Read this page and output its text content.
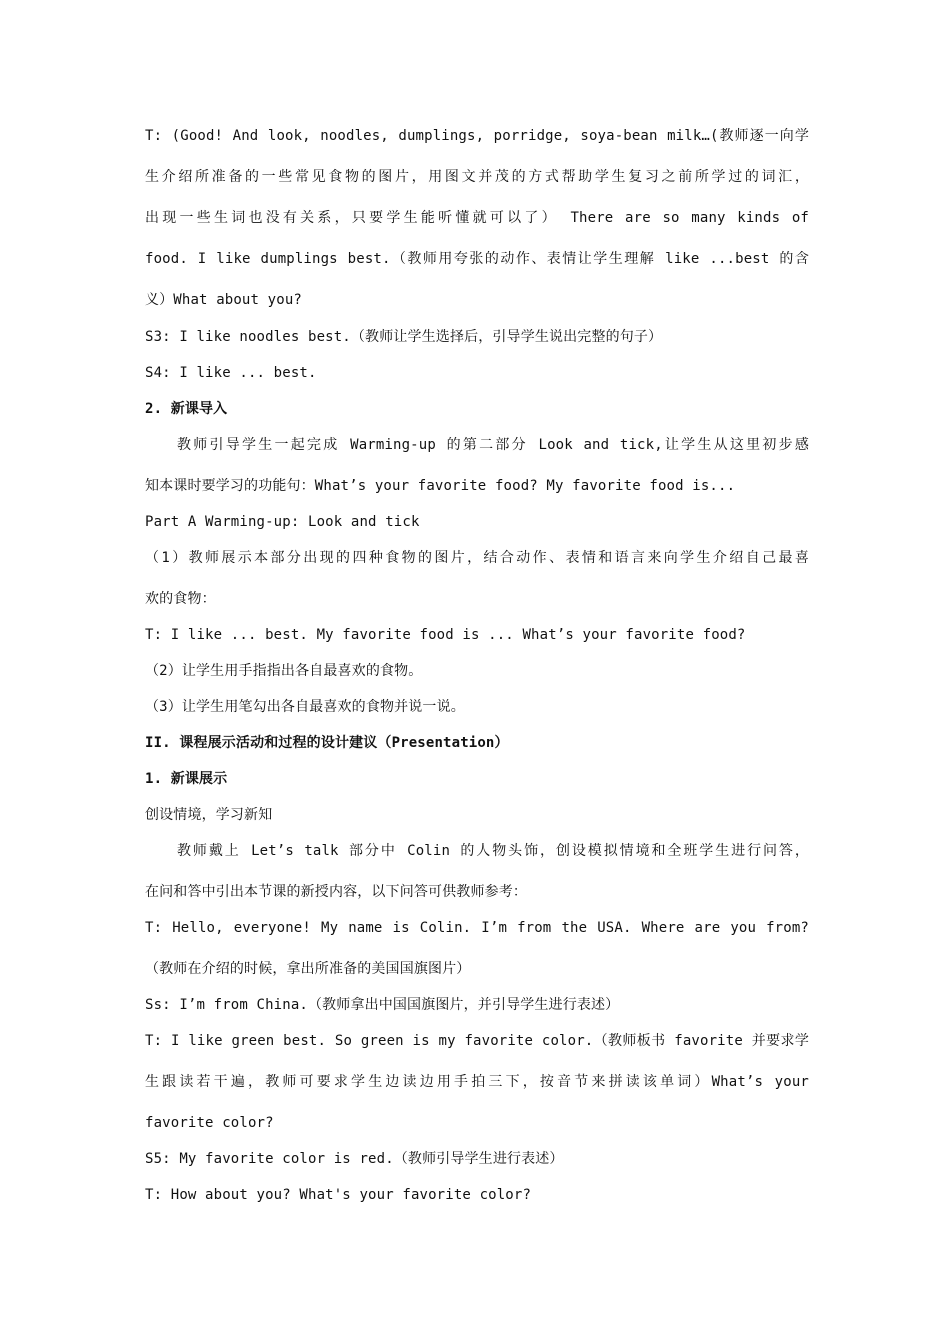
T: (Good! And look, noodles, dumplings, porridge, soya-bean milk…(教师逐一向学
生介绍所准备的一些常见食物的图片，用图文并茂的方式帮助学生复习之前所学过的词汇，
出现一些生词也没有关系，只要学生能听懂就可以了） There are so many kinds of
food. I like dumplings best.（教师用夸张的动作、表情让学生理解 like ...best 的含
义）What about you?
S3: I like noodles best.（教师让学生选择后，引导学生说出完整的句子）
S4: I like ... best.
2. 新课导入
教师引导学生一起完成 Warming-up 的第二部分 Look and tick,让学生从这里初步感
知本课时要学习的功能句：What’s your favorite food? My favorite food is...
Part A Warming-up: Look and tick
（1）教师展示本部分出现的四种食物的图片，结合动作、表情和语言来向学生介绍自己最喜
欢的食物：
T: I like ... best. My favorite food is ... What’s your favorite food?
（2）让学生用手指指出各自最喜欢的食物。
（3）让学生用笔勾出各自最喜欢的食物并说一说。
II. 课程展示活动和过程的设计建议（Presentation）
1. 新课展示
创设情境，学习新知
教师戴上 Let’s talk 部分中 Colin 的人物头饰，创设模拟情境和全班学生进行问答，
在问和答中引出本节课的新授内容，以下问答可供教师参考：
T: Hello, everyone! My name is Colin. I’m from the USA. Where are you from?
（教师在介绍的时候，拿出所准备的美国国旗图片）
Ss: I’m from China.（教师拿出中国国旗图片，并引导学生进行表述）
T: I like green best. So green is my favorite color.（教师板书 favorite 并要求学
生跟读若干遍，教师可要求学生边读边用手拍三下，按音节来拼读该单词）What’s your
favorite color?
S5: My favorite color is red.（教师引导学生进行表述）
T: How about you? What's your favorite color?
